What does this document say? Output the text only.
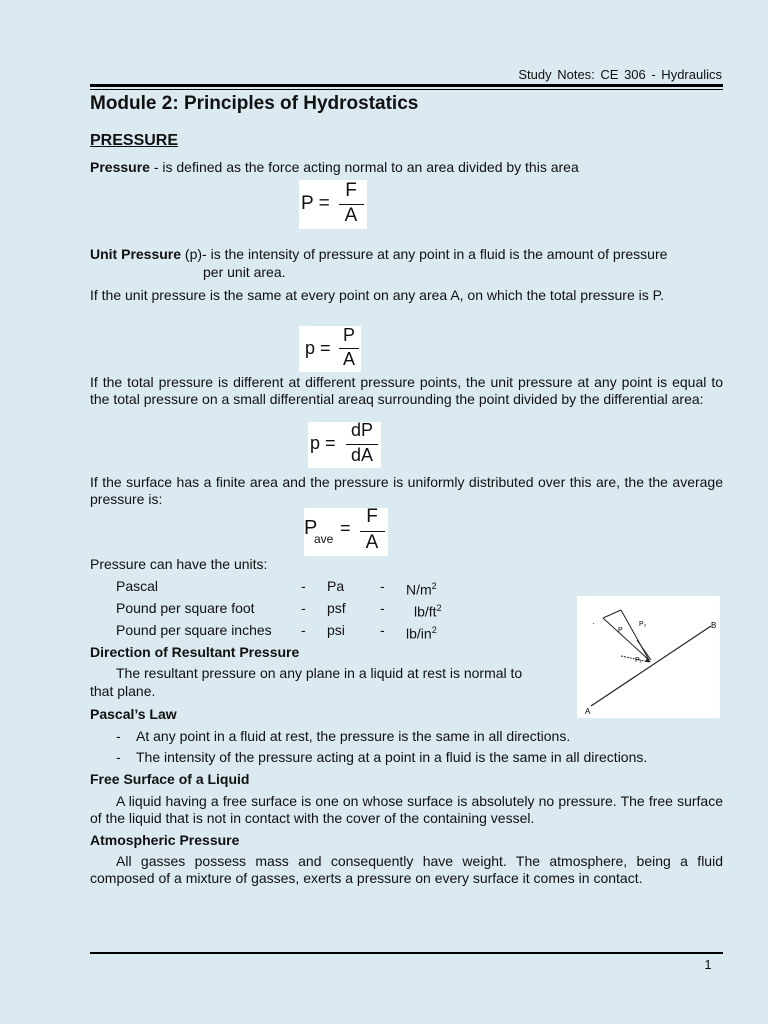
Study Notes: CE 306 - Hydraulics
Module 2: Principles of Hydrostatics
PRESSURE
Pressure - is defined as the force acting normal to an area divided by this area
P =
F
A
Unit Pressure (p)- is the intensity of pressure at any point in a fluid is the amount of pressure
per unit area.
If the unit pressure is the same at every point on any area A, on which the total pressure is P.
p =
P
A
If the total pressure is different at different pressure points, the unit pressure at any point is equal to the total pressure on a small differential areaq surrounding the point divided by the differential area:
p =
dP
dA
If the surface has a finite area and the pressure is uniformly distributed over this are, the the average pressure is:
P
ave
=
F
A
Pressure can have the units:
Pascal	- Pa	- $N/m^2$
Pound per square foot	- psf - $lb/ft^2$
Pound per square inches - psi	- $lb/in^2$
Direction of Resultant Pressure
The resultant pressure on any plane in a liquid at rest is normal to
that plane.
Pascal’s Law
- At any point in a fluid at rest, the pressure is the same in all directions.
- The intensity of the pressure acting at a point in a fluid is the same in all directions.
Free Surface of a Liquid
A liquid having a free surface is one on whose surface is absolutely no pressure. The free surface of the liquid that is not in contact with the cover of the containing vessel.
Atmospheric Pressure
All gasses possess mass and consequently have weight. The atmosphere, being a fluid composed of a mixture of gasses, exerts a pressure on every surface it comes in contact.
A
B
·
P
P₂
P₁
1
